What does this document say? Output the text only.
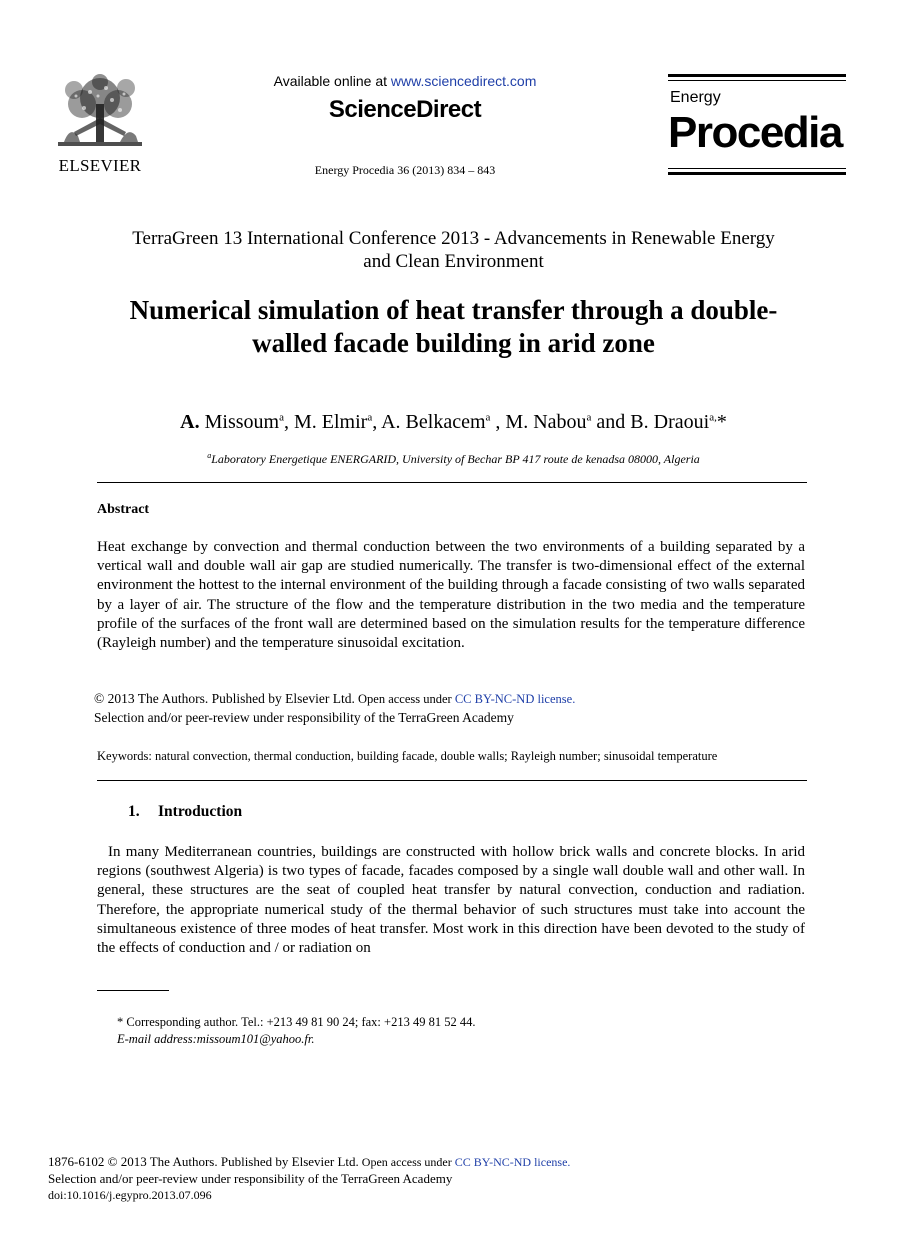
ELSEVIER
Available online at www.sciencedirect.com
ScienceDirect
Energy Procedia 36 (2013) 834 – 843
Energy
Procedia
TerraGreen 13 International Conference 2013 - Advancements in Renewable Energy
and Clean Environment
Numerical simulation of heat transfer through a double-
walled facade building in arid zone
A. Missoum$^a$, M. Elmir$^a$, A. Belkacem$^a$ , M. Nabou$^a$ and B. Draoui$^{a,}$*
$^a$Laboratory Energetique ENERGARID, University of Bechar BP 417 route de kenadsa 08000, Algeria
Abstract
Heat exchange by convection and thermal conduction between the two environments of a building separated by a vertical wall and double wall air gap are studied numerically. The transfer is two-dimensional effect of the external environment the hottest to the internal environment of the building through a facade consisting of two walls separated by a layer of air. The structure of the flow and the temperature distribution in the two media and the temperature profile of the surfaces of the front wall are determined based on the simulation results for the temperature difference (Rayleigh number) and the temperature sinusoidal excitation.
© 2013 The Authors. Published by Elsevier Ltd. Open access under CC BY-NC-ND license.
Selection and/or peer-review under responsibility of the TerraGreen Academy
Keywords: natural convection, thermal conduction, building facade, double walls; Rayleigh number; sinusoidal temperature
1. Introduction
In many Mediterranean countries, buildings are constructed with hollow brick walls and concrete blocks. In arid regions (southwest Algeria) is two types of facade, facades composed by a single wall double wall and other wall. In general, these structures are the seat of coupled heat transfer by natural convection, conduction and radiation. Therefore, the appropriate numerical study of the thermal behavior of such structures must take into account the simultaneous existence of three modes of heat transfer. Most work in this direction have been devoted to the study of the effects of conduction and / or radiation on
* Corresponding author. Tel.: +213 49 81 90 24; fax: +213 49 81 52 44.
E-mail address:missoum101@yahoo.fr.
1876-6102 © 2013 The Authors. Published by Elsevier Ltd. Open access under CC BY-NC-ND license.
Selection and/or peer-review under responsibility of the TerraGreen Academy
doi:10.1016/j.egypro.2013.07.096
